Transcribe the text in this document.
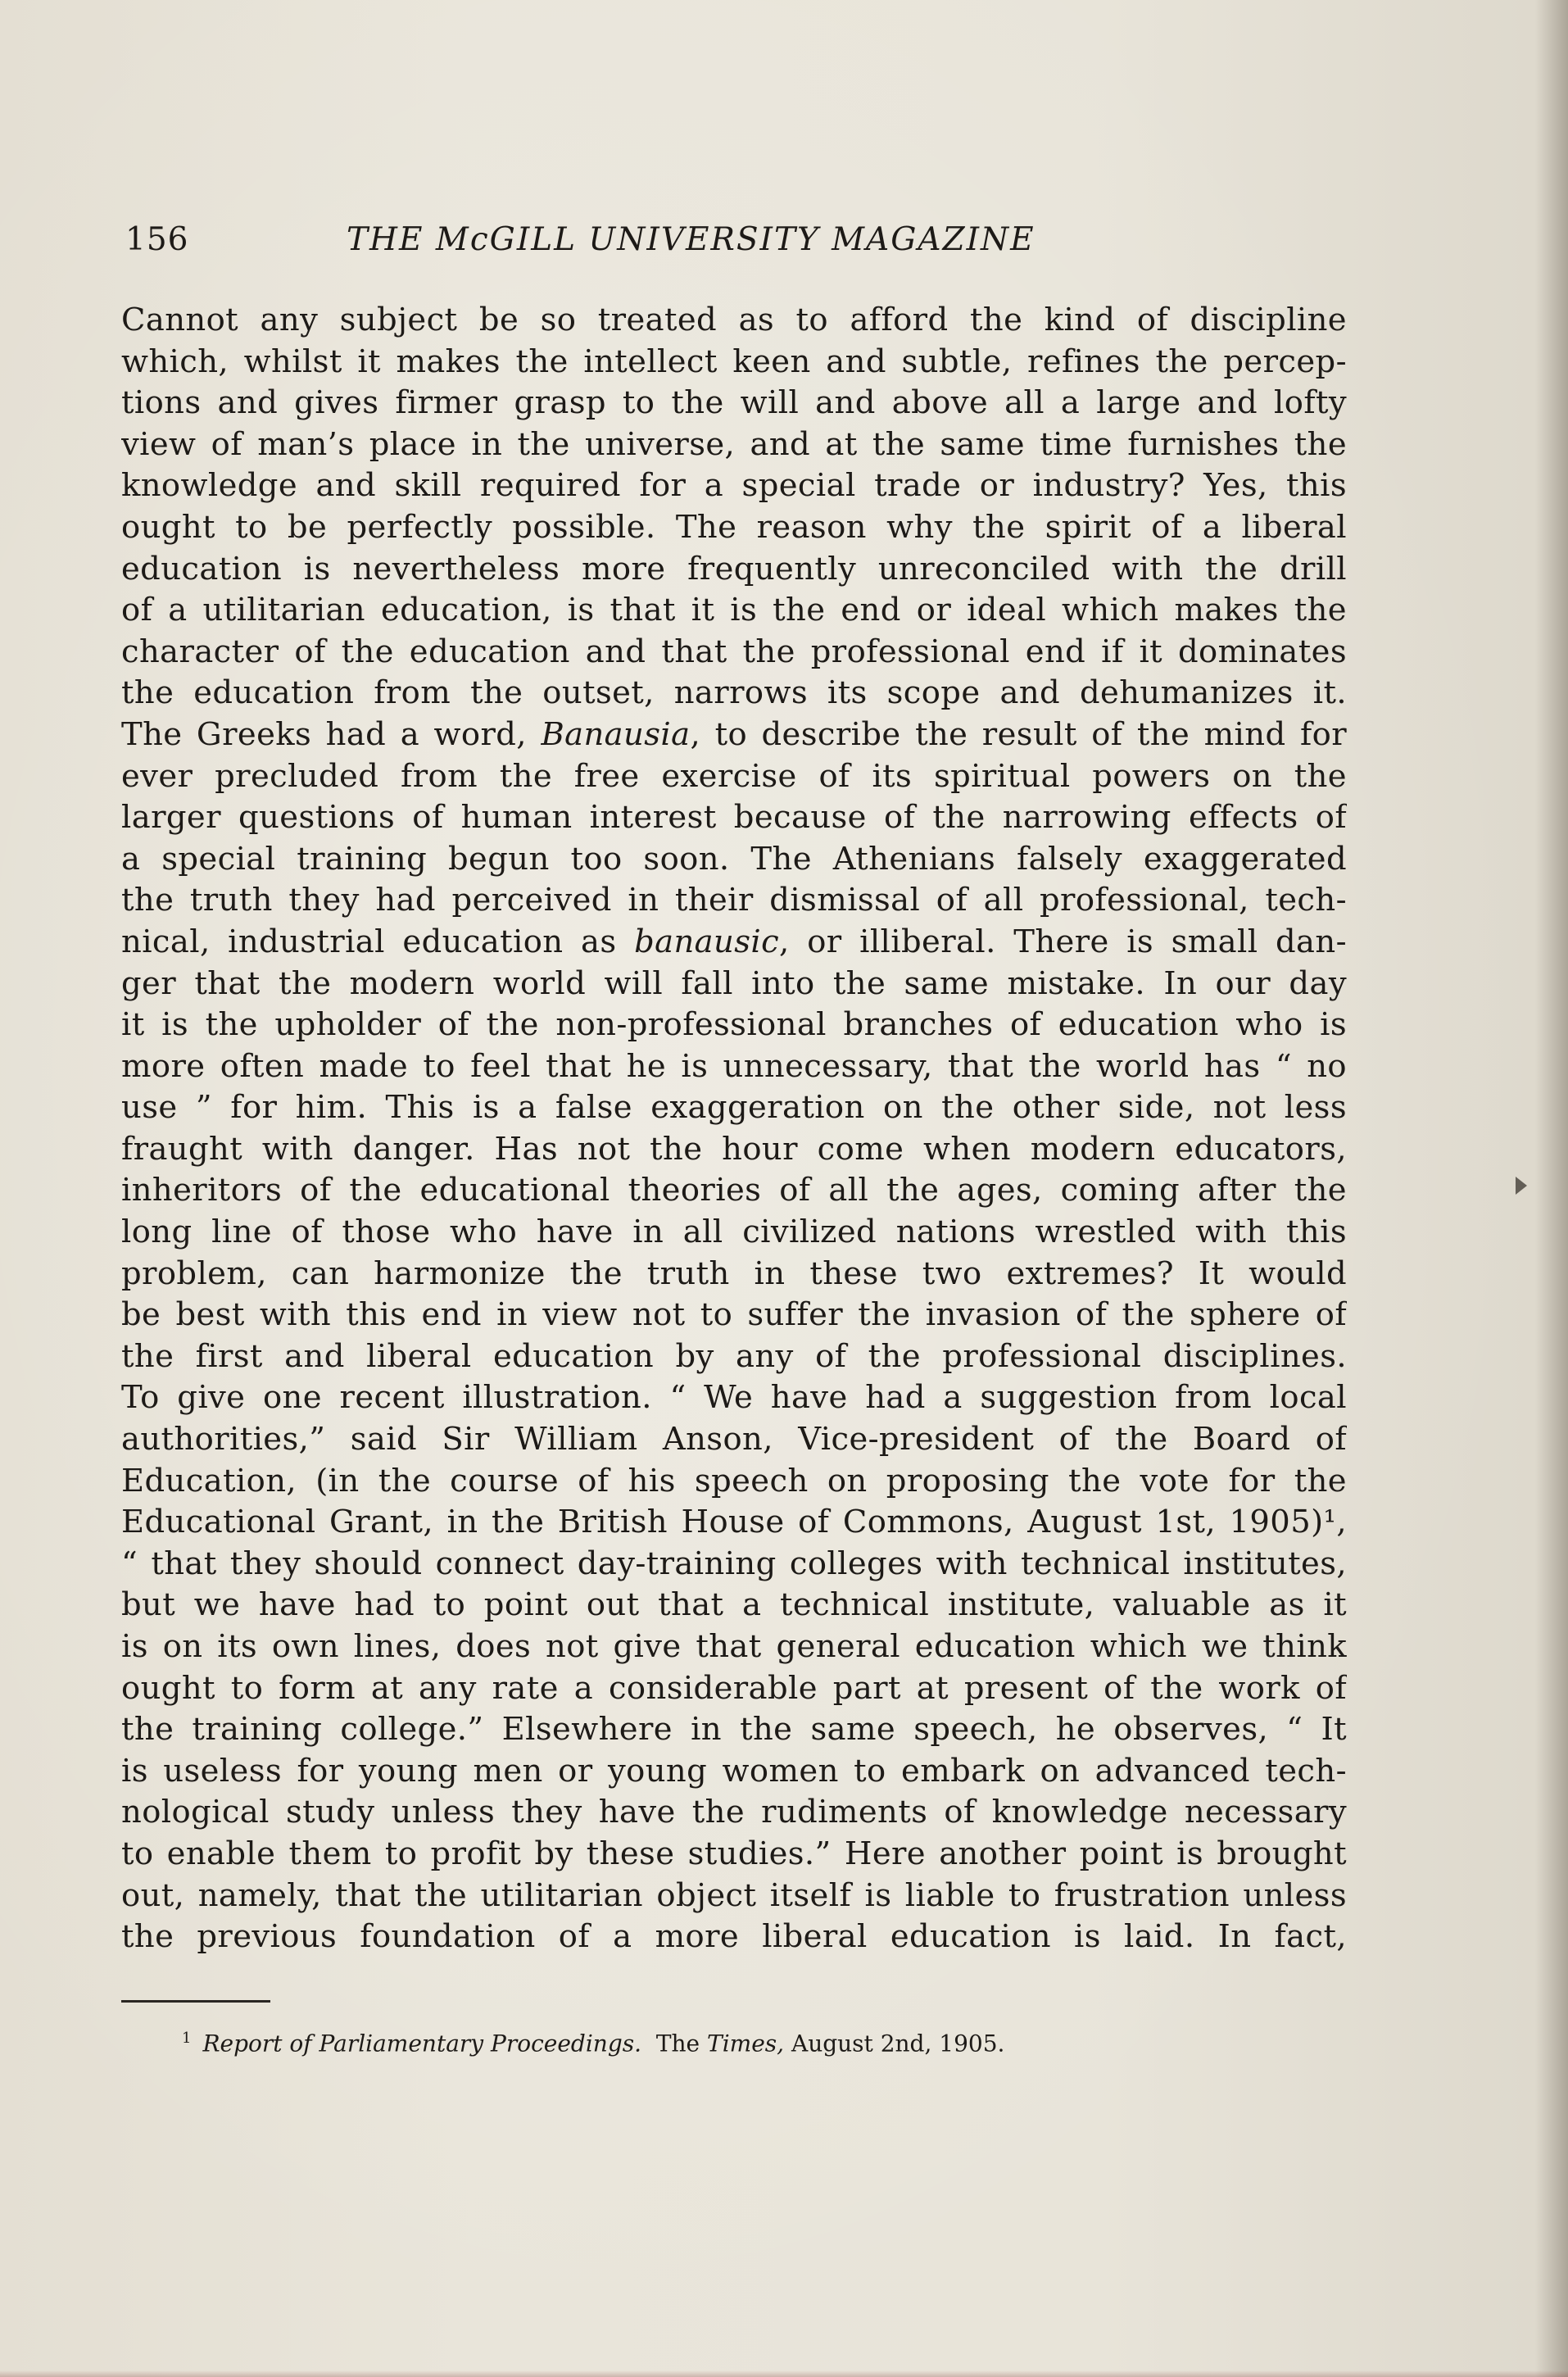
156	THE McGILL UNIVERSITY MAGAZINE
Cannot any subject be so treated as to afford the kind of discipline
which, whilst it makes the intellect keen and subtle, refines the percep-
tions and gives firmer grasp to the will and above all a large and lofty
view of man’s place in the universe, and at the same time furnishes the
knowledge and skill required for a special trade or industry? Yes, this
ought to be perfectly possible. The reason why the spirit of a liberal
education is nevertheless more frequently unreconciled with the drill
of a utilitarian education, is that it is the end or ideal which makes the
character of the education and that the professional end if it dominates
the education from the outset, narrows its scope and dehumanizes it.
The Greeks had a word, Banausia, to describe the result of the mind for
ever precluded from the free exercise of its spiritual powers on the
larger questions of human interest because of the narrowing effects of
a special training begun too soon. The Athenians falsely exaggerated
the truth they had perceived in their dismissal of all professional, tech-
nical, industrial education as banausic, or illiberal. There is small dan-
ger that the modern world will fall into the same mistake. In our day
it is the upholder of the non-professional branches of education who is
more often made to feel that he is unnecessary, that the world has “ no
use ” for him. This is a false exaggeration on the other side, not less
fraught with danger. Has not the hour come when modern educators,
inheritors of the educational theories of all the ages, coming after the
long line of those who have in all civilized nations wrestled with this
problem, can harmonize the truth in these two extremes? It would
be best with this end in view not to suffer the invasion of the sphere of
the first and liberal education by any of the professional disciplines.
To give one recent illustration. “ We have had a suggestion from local
authorities,” said Sir William Anson, Vice-president of the Board of
Education, (in the course of his speech on proposing the vote for the
Educational Grant, in the British House of Commons, August 1st, 1905)¹,
“ that they should connect day-training colleges with technical institutes,
but we have had to point out that a technical institute, valuable as it
is on its own lines, does not give that general education which we think
ought to form at any rate a considerable part at present of the work of
the training college.” Elsewhere in the same speech, he observes, “ It
is useless for young men or young women to embark on advanced tech-
nological study unless they have the rudiments of knowledge necessary
to enable them to profit by these studies.” Here another point is brought
out, namely, that the utilitarian object itself is liable to frustration unless
the previous foundation of a more liberal education is laid. In fact,
$^1$ Report of Parliamentary Proceedings. The Times, August 2nd, 1905.
